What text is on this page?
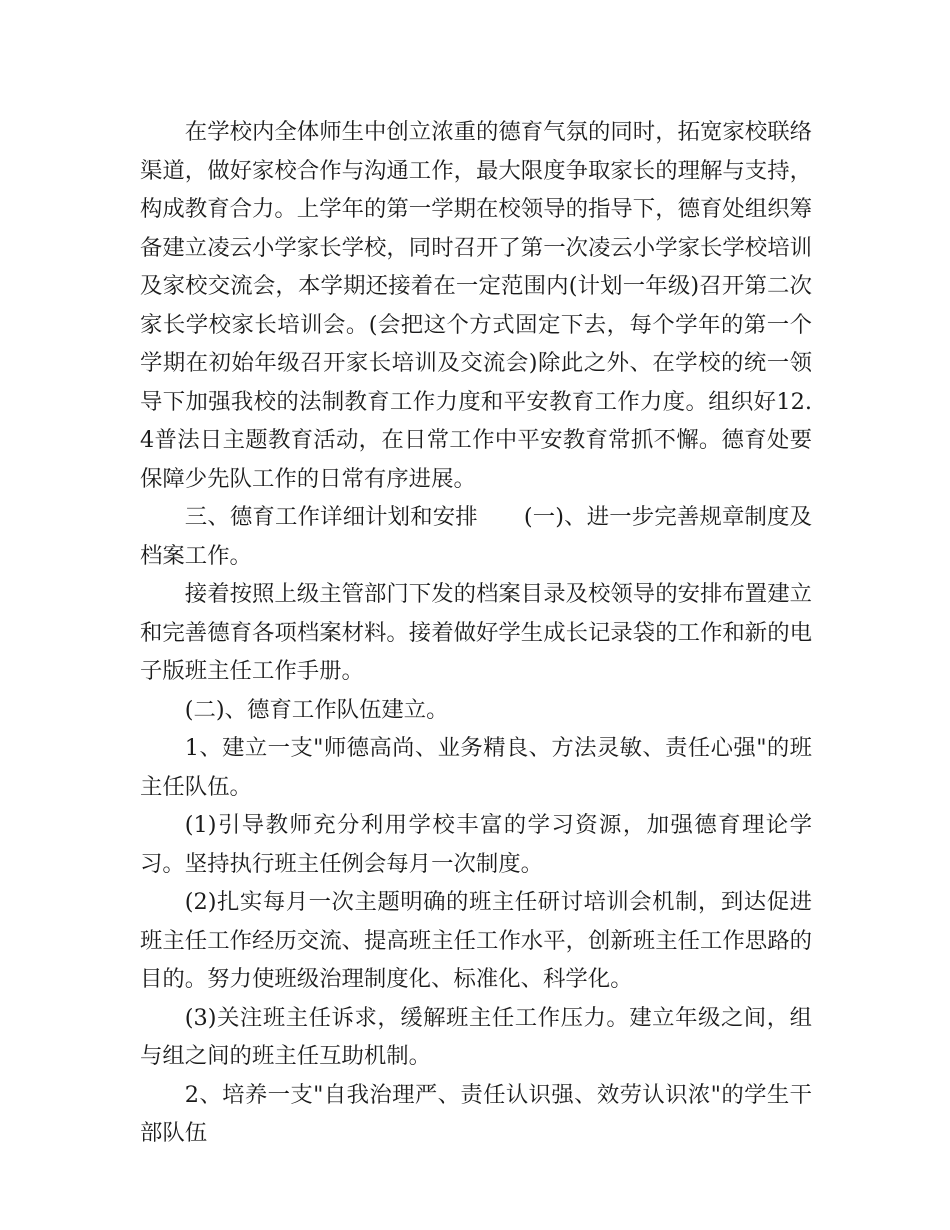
在学校内全体师生中创立浓重的德育气氛的同时，拓宽家校联络渠道，做好家校合作与沟通工作，最大限度争取家长的理解与支持，构成教育合力。上学年的第一学期在校领导的指导下，德育处组织筹备建立凌云小学家长学校，同时召开了第一次凌云小学家长学校培训及家校交流会，本学期还接着在一定范围内(计划一年级)召开第二次家长学校家长培训会。(会把这个方式固定下去，每个学年的第一个学期在初始年级召开家长培训及交流会)除此之外、在学校的统一领导下加强我校的法制教育工作力度和平安教育工作力度。组织好12.4普法日主题教育活动，在日常工作中平安教育常抓不懈。德育处要保障少先队工作的日常有序进展。

三、德育工作详细计划和安排 (一)、进一步完善规章制度及档案工作。

接着按照上级主管部门下发的档案目录及校领导的安排布置建立和完善德育各项档案材料。接着做好学生成长记录袋的工作和新的电子版班主任工作手册。

(二)、德育工作队伍建立。

1、建立一支"师德高尚、业务精良、方法灵敏、责任心强"的班主任队伍。

(1)引导教师充分利用学校丰富的学习资源，加强德育理论学习。坚持执行班主任例会每月一次制度。

(2)扎实每月一次主题明确的班主任研讨培训会机制，到达促进班主任工作经历交流、提高班主任工作水平，创新班主任工作思路的目的。努力使班级治理制度化、标准化、科学化。

(3)关注班主任诉求，缓解班主任工作压力。建立年级之间，组与组之间的班主任互助机制。

2、培养一支"自我治理严、责任认识强、效劳认识浓"的学生干部队伍
